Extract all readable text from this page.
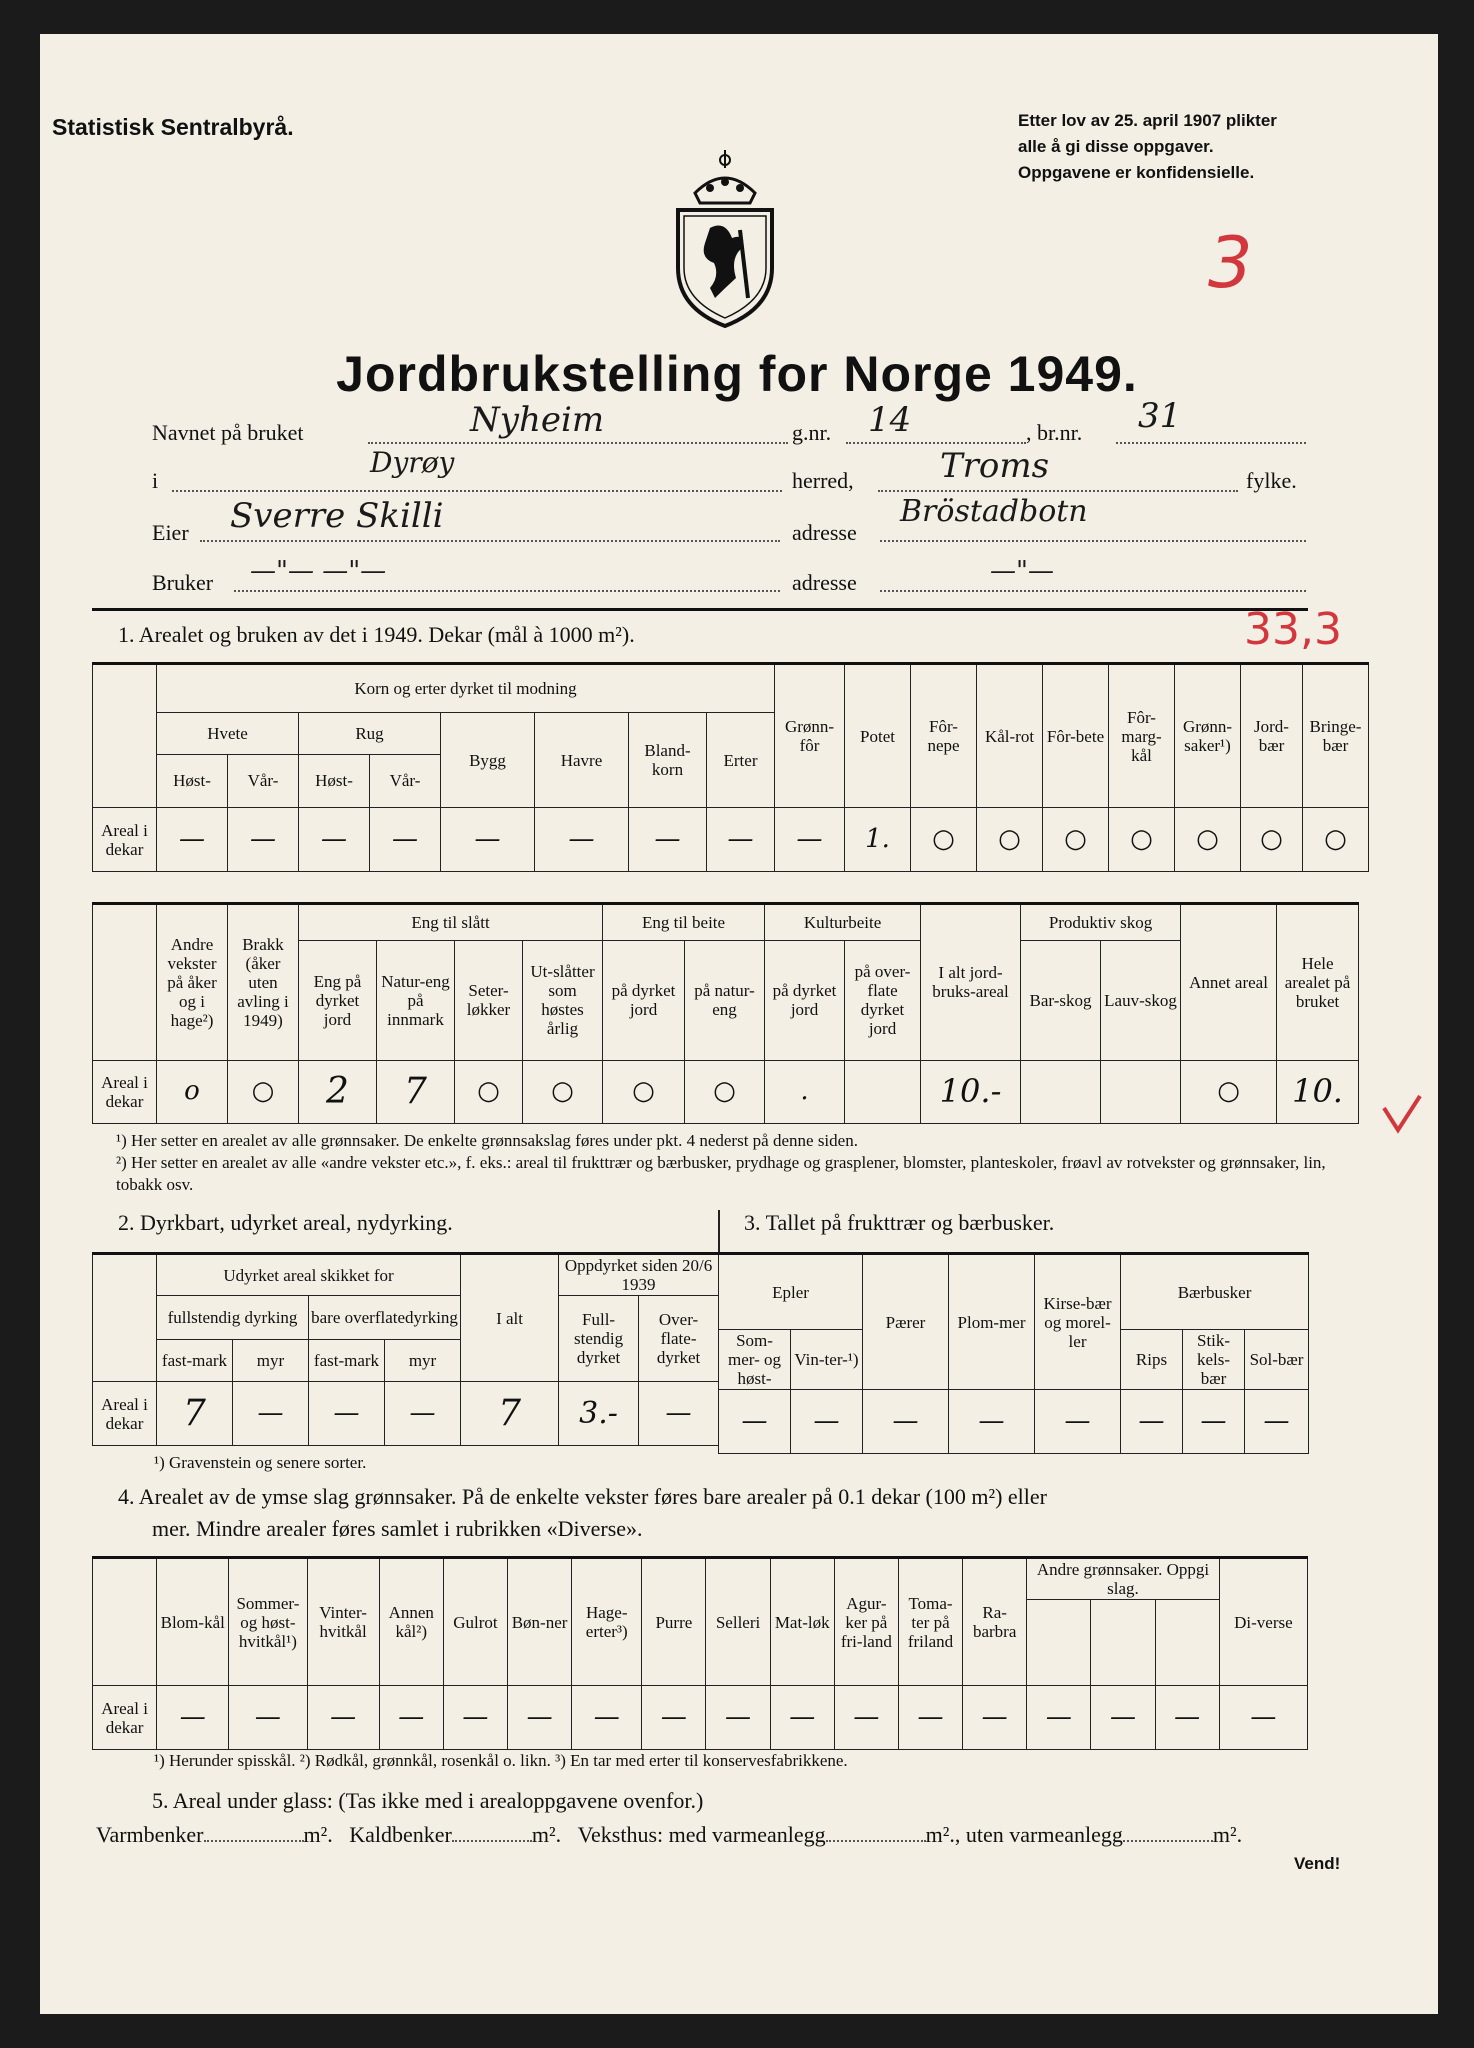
Statistisk Sentralbyrå.	Etter lov av 25. april 1907 plikter
alle å gi disse oppgaver.
Oppgavene er konfidensielle.
3
Jordbrukstelling for Norge 1949.
Navnet på bruket	Nyheim	g.nr. 14	, br.nr. 31
i
Dyrøy
herred,	Troms	fylke.
Eier Sverre Skilli	adresse
Bröstadbotn
Bruker —"— —"—	adresse	—"—
1. Arealet og bruken av det i 1949. Dekar (mål à 1000 m²).	33,3
	Korn og erter dyrket til modning								Grønn-fôr	Potet	Fôr-nepe	Kål-rot	Fôr-bete	Fôr-marg-kål	Grønn-saker¹)	Jord-bær	Bringe-bær
	Hvete		Rug		Bygg	Havre	Bland-korn	Erter									
	Høst-	Vår-	Høst-	Vår-													
Areal i dekar	—	—	—	—	—	—	—	—	—	1.	○	○	○	○	○	○	○
	Andre vekster på åker og i hage²)	Brakk (åker uten avling i 1949)	Eng til slått				Eng til beite		Kulturbeite		I alt jord-bruks-areal	Produktiv skog		Annet areal	Hele arealet på bruket
			Eng på dyrket jord	Natur-eng på innmark	Seter-løkker	Ut-slåtter som høstes årlig	på dyrket jord	på natur-eng	på dyrket jord	på over-flate dyrket jord		Bar-skog	Lauv-skog		
Areal i dekar	o	○	2	7	○	○	○	○	.		10.-			○	10.
¹) Her setter en arealet av alle grønnsaker. De enkelte grønnsakslag føres under pkt. 4 nederst på denne siden.
²) Her setter en arealet av alle «andre vekster etc.», f. eks.: areal til frukttrær og bærbusker, prydhage og grasplener, blomster, planteskoler, frøavl av rotvekster og grønnsaker, lin, tobakk osv.
2. Dyrkbart, udyrket areal, nydyrking.	3. Tallet på frukttrær og bærbusker.
	Udyrket areal skikket for				I alt	Oppdyrket siden 20/6 1939	
	fullstendig dyrking		bare overflatedyrking			Full-stendig dyrket	Over-flate-dyrket
	fast-mark	myr	fast-mark	myr			
Areal i dekar	7	—	—	—	7	3.-	—
Epler		Pærer	Plom-mer	Kirse-bær og morel-ler	Bærbusker		
Som-mer- og høst-	Vin-ter-¹)				Rips	Stik-kels-bær	Sol-bær
—	—	—	—	—	—	—	—
¹) Gravenstein og senere sorter.
4. Arealet av de ymse slag grønnsaker. På de enkelte vekster føres bare arealer på 0.1 dekar (100 m²) eller
mer. Mindre arealer føres samlet i rubrikken «Diverse».
	Blom-kål	Sommer-og høst-hvitkål¹)	Vinter-hvitkål	Annen kål²)	Gulrot	Bøn-ner	Hage-erter³)	Purre	Selleri	Mat-løk	Agur-ker på fri-land	Toma-ter på friland	Ra-barbra	Andre grønnsaker. Oppgi slag.			Di-verse

Areal i dekar	—	—	—	—	—	—	—	—	—	—	—	—	—	—	—	—	—
¹) Herunder spisskål. ²) Rødkål, grønnkål, rosenkål o. likn. ³) En tar med erter til konservesfabrikkene.
5. Areal under glass: (Tas ikke med i arealoppgavene ovenfor.)
Varmbenker	m². Kaldbenker	m². Veksthus: med varmeanlegg	m²., uten varmeanlegg	m².
Vend!
